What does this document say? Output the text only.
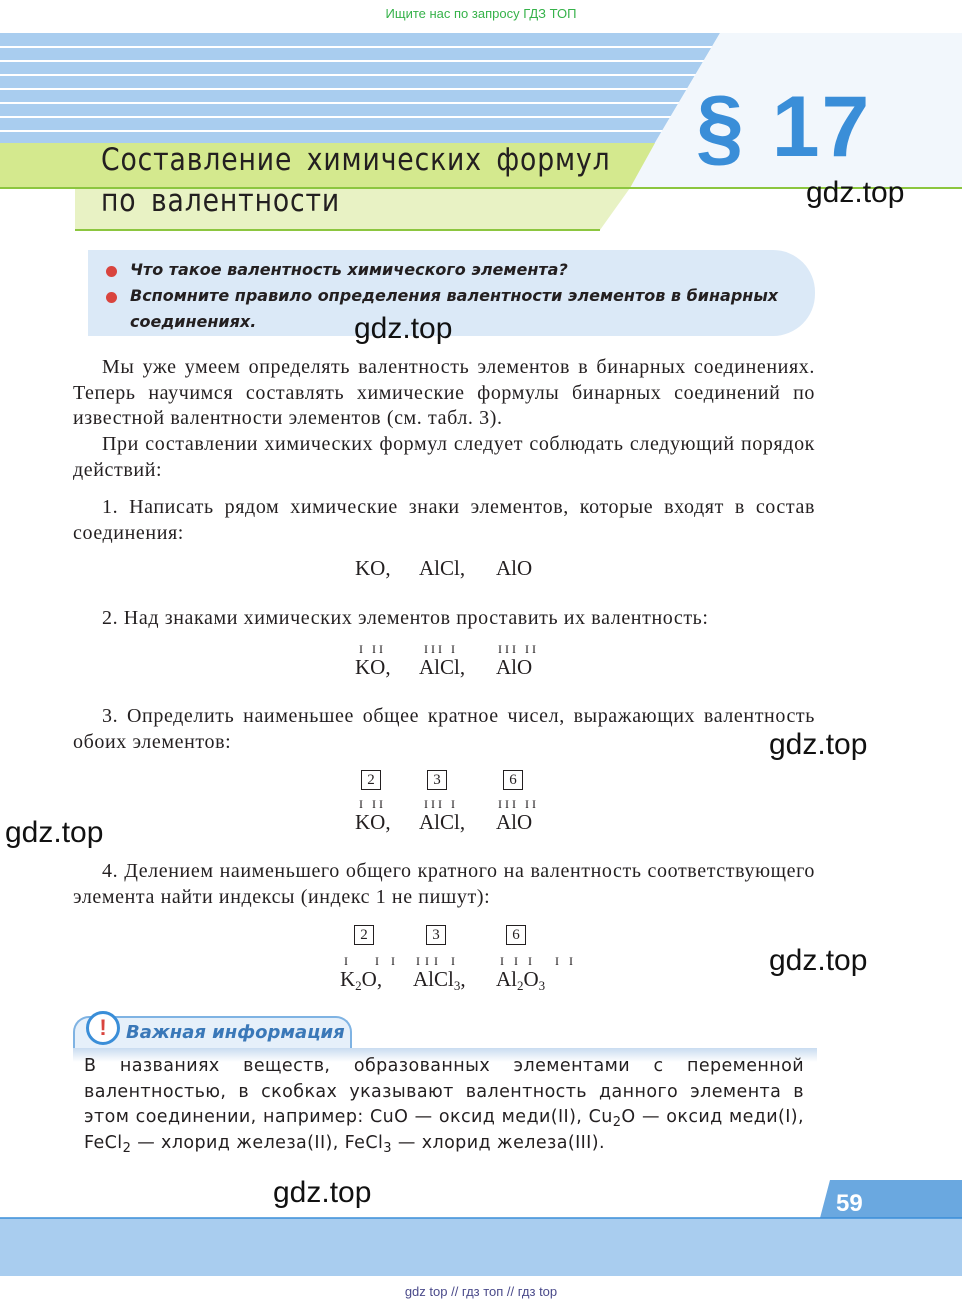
Ищите нас по запросу ГДЗ ТОП
§ 17
gdz.top
Составление химических формул
по валентности
Что такое валентность химического элемента?
Вспомните правило определения валентности элементов в бинарных соединениях.	gdz.top
Мы уже умеем определять валентность элементов в бинарных соединениях. Теперь научимся составлять химические формулы бинарных соединений по известной валентности элементов (см. табл. 3).
При составлении химических формул следует соблюдать следующий порядок действий:
1. Написать рядом химические знаки элементов, которые входят в состав соединения:
KO, AlCl, AlO
2. Над знаками химических элементов проставить их валентность:
I II	III I	III II
KO, AlCl, AlO
3. Определить наименьшее общее кратное чисел, выражающих валентность обоих элементов:	gdz.top
2	3	6
I II	III I	III II
KO, AlCl, AlO
gdz.top
4. Делением наименьшего общего кратного на валентность соответствующего элемента найти индексы (индекс 1 не пишут):
2	3	6
I II III I	III II
$K_2O$, AlCl$_3$, $Al_2O_3$
gdz.top
!	Важная информация
В названиях веществ, образованных элементами с переменной валентностью, в скобках указывают валентность данного элемента в этом соединении, например: CuO — оксид меди(II), $Cu_2O$ — оксид меди(I), FeCl$_2$ — хлорид железа(II), FeCl$_3$ — хлорид железа(III).
gdz.top	59
gdz top // гдз топ // гдз top
